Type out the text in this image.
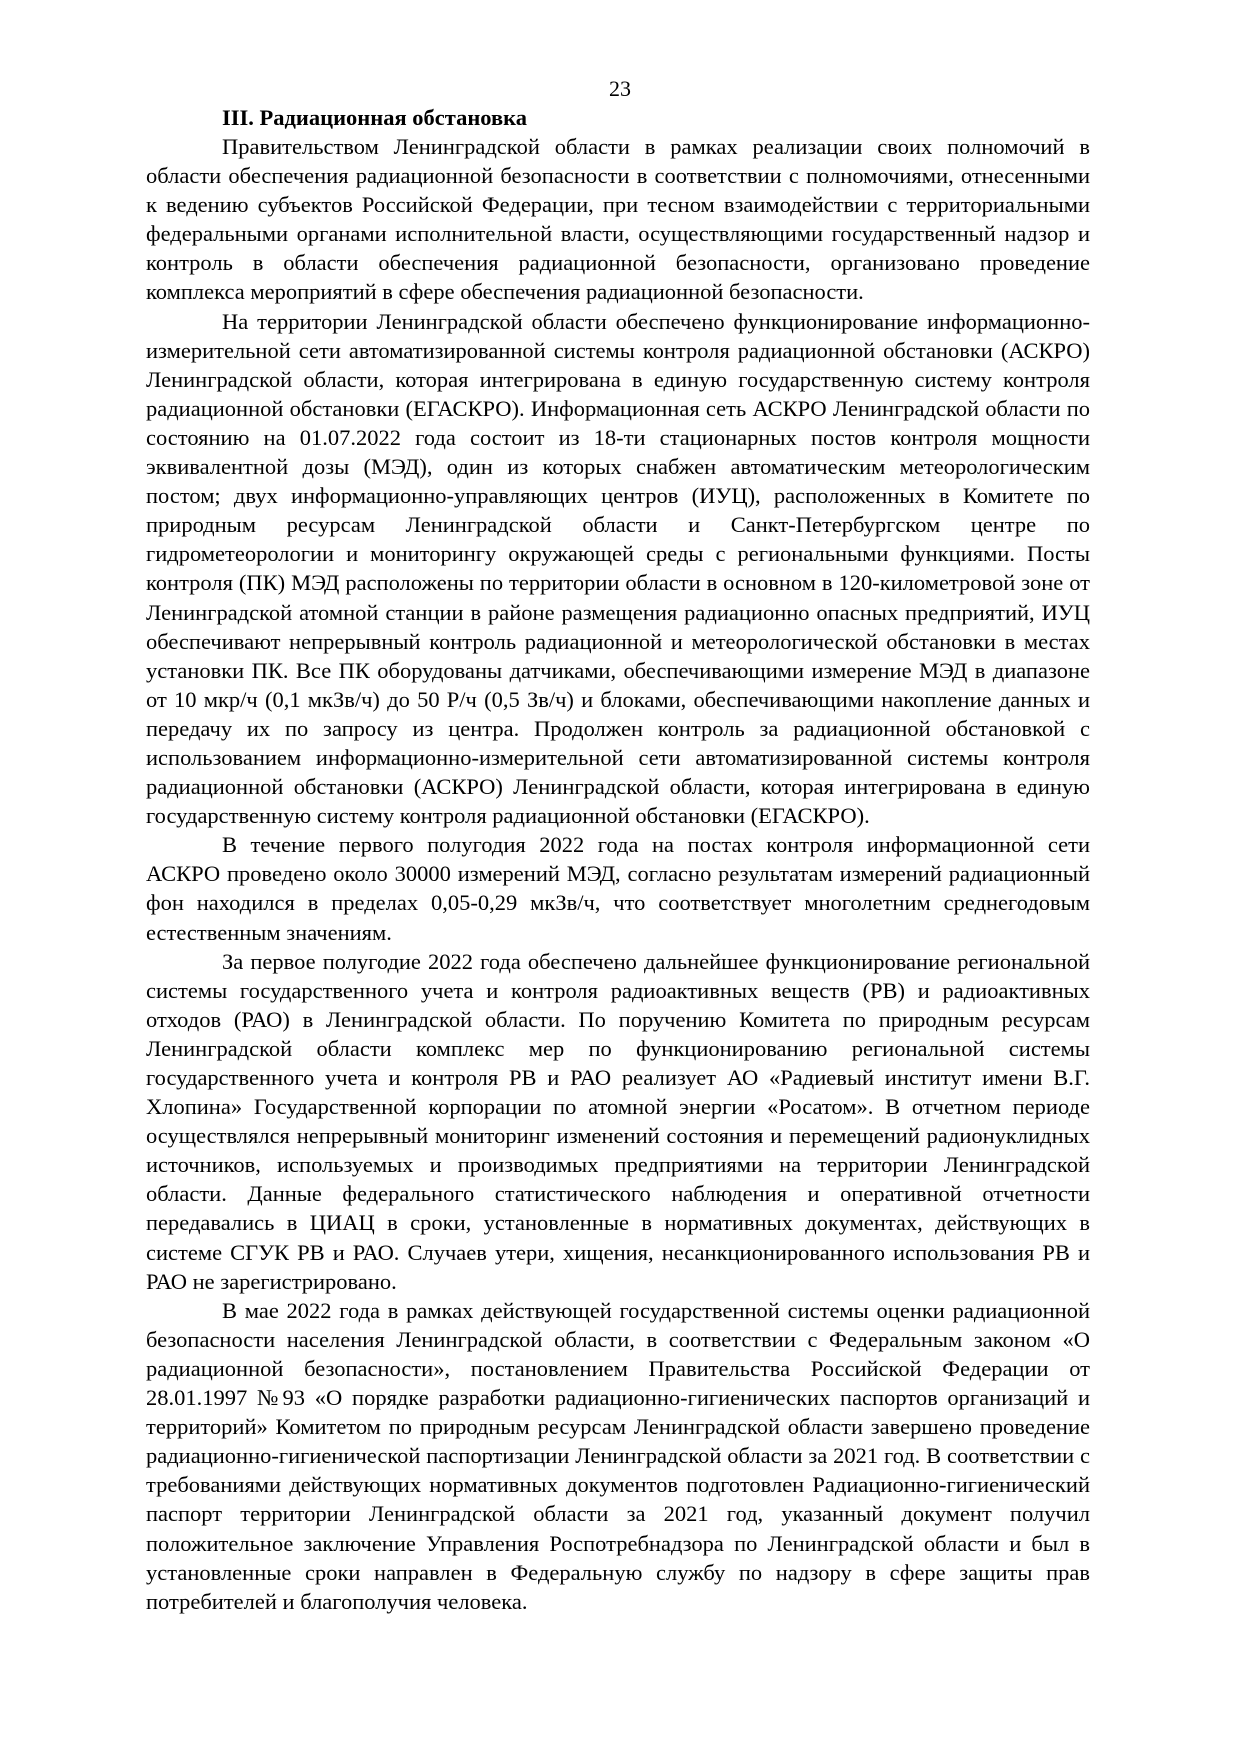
23
III. Радиационная обстановка

Правительством Ленинградской области в рамках реализации своих полномочий в области обеспечения радиационной безопасности в соответствии с полномочиями, отнесенными к ведению субъектов Российской Федерации, при тесном взаимодействии с территориальными федеральными органами исполнительной власти, осуществляющими государственный надзор и контроль в области обеспечения радиационной безопасности, организовано проведение комплекса мероприятий в сфере обеспечения радиационной безопасности.

На территории Ленинградской области обеспечено функционирование информационно-измерительной сети автоматизированной системы контроля радиационной обстановки (АСКРО) Ленинградской области, которая интегрирована в единую государственную систему контроля радиационной обстановки (ЕГАСКРО). Информационная сеть АСКРО Ленинградской области по состоянию на 01.07.2022 года состоит из 18-ти стационарных постов контроля мощности эквивалентной дозы (МЭД), один из которых снабжен автоматическим метеорологическим постом; двух информационно-управляющих центров (ИУЦ), расположенных в Комитете по природным ресурсам Ленинградской области и Санкт-Петербургском центре по гидрометеорологии и мониторингу окружающей среды с региональными функциями. Посты контроля (ПК) МЭД расположены по территории области в основном в 120-километровой зоне от Ленинградской атомной станции в районе размещения радиационно опасных предприятий, ИУЦ обеспечивают непрерывный контроль радиационной и метеорологической обстановки в местах установки ПК. Все ПК оборудованы датчиками, обеспечивающими измерение МЭД в диапазоне от 10 мкр/ч (0,1 мкЗв/ч) до 50 Р/ч (0,5 Зв/ч) и блоками, обеспечивающими накопление данных и передачу их по запросу из центра. Продолжен контроль за радиационной обстановкой с использованием информационно-измерительной сети автоматизированной системы контроля радиационной обстановки (АСКРО) Ленинградской области, которая интегрирована в единую государственную систему контроля радиационной обстановки (ЕГАСКРО).

В течение первого полугодия 2022 года на постах контроля информационной сети АСКРО проведено около 30000 измерений МЭД, согласно результатам измерений радиационный фон находился в пределах 0,05-0,29 мкЗв/ч, что соответствует многолетним среднегодовым естественным значениям.

За первое полугодие 2022 года обеспечено дальнейшее функционирование региональной системы государственного учета и контроля радиоактивных веществ (РВ) и радиоактивных отходов (РАО) в Ленинградской области. По поручению Комитета по природным ресурсам Ленинградской области комплекс мер по функционированию региональной системы государственного учета и контроля РВ и РАО реализует АО «Радиевый институт имени В.Г. Хлопина» Государственной корпорации по атомной энергии «Росатом». В отчетном периоде осуществлялся непрерывный мониторинг изменений состояния и перемещений радионуклидных источников, используемых и производимых предприятиями на территории Ленинградской области. Данные федерального статистического наблюдения и оперативной отчетности передавались в ЦИАЦ в сроки, установленные в нормативных документах, действующих в системе СГУК РВ и РАО. Случаев утери, хищения, несанкционированного использования РВ и РАО не зарегистрировано.

В мае 2022 года в рамках действующей государственной системы оценки радиационной безопасности населения Ленинградской области, в соответствии с Федеральным законом «О радиационной безопасности», постановлением Правительства Российской Федерации от 28.01.1997 №93 «О порядке разработки радиационно-гигиенических паспортов организаций и территорий» Комитетом по природным ресурсам Ленинградской области завершено проведение радиационно-гигиенической паспортизации Ленинградской области за 2021 год. В соответствии с требованиями действующих нормативных документов подготовлен Радиационно-гигиенический паспорт территории Ленинградской области за 2021 год, указанный документ получил положительное заключение Управления Роспотребнадзора по Ленинградской области и был в установленные сроки направлен в Федеральную службу по надзору в сфере защиты прав потребителей и благополучия человека.
